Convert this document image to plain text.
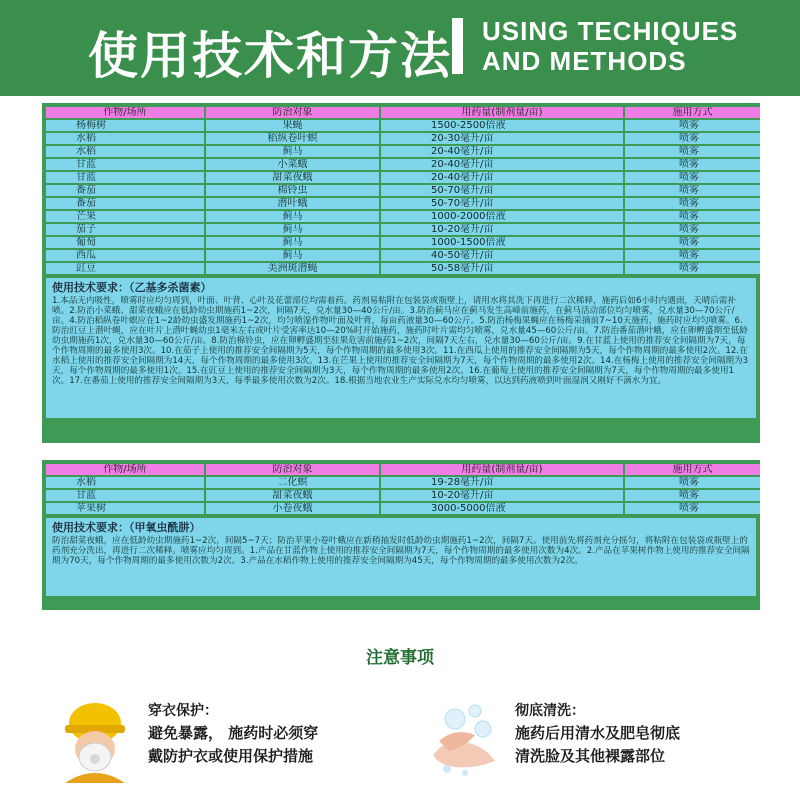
使用技术和方法 USING TECHIQUES
AND METHODS
作物/场所	防治对象	用药量(制剂量/亩)	施用方式
杨梅树	果蝇	1500-2500倍液	喷雾
水稻	稻纵卷叶螟	20-30毫升/亩	喷雾
水稻	蓟马	20-40毫升/亩	喷雾
甘蓝	小菜蛾	20-40毫升/亩	喷雾
甘蓝	甜菜夜蛾	20-40毫升/亩	喷雾
番茄	棉铃虫	50-70毫升/亩	喷雾
番茄	潜叶蛾	50-70毫升/亩	喷雾
芒果	蓟马	1000-2000倍液	喷雾
茄子	蓟马	10-20毫升/亩	喷雾
葡萄	蓟马	1000-1500倍液	喷雾
西瓜	蓟马	40-50毫升/亩	喷雾
豇豆	美洲斑潜蝇	50-58毫升/亩	喷雾
使用技术要求：（乙基多杀菌素）
1.本品无内吸性，喷雾时应均匀周到，叶面、叶背、心叶及花蕾部位均需着药。药剂易粘附在包装袋或瓶壁上，请用水将其洗下再进行二次稀释，施药后如6小时内遇雨，天晴后需补喷。2.防治小菜蛾、甜菜夜蛾应在低龄幼虫期施药1~2次，间隔7天，兑水量30—40公斤/亩。3.防治蓟马应在蓟马发生高峰前施药，在蓟马活动部位均匀喷雾，兑水量30—70公斤/亩。4.防治稻纵卷叶螟应在1~2龄幼虫盛发期施药1~2次，均匀喷湿作物叶面及叶背，每亩药液量30—60公斤。5.防治杨梅果蝇应在杨梅采摘前7~10天施药，施药时应均匀喷雾。6.防治豇豆上潜叶蝇，应在叶片上潜叶蝇幼虫1毫米左右或叶片受害率达10—20%时开始施药，施药时叶片需均匀喷雾，兑水量45—60公斤/亩。7.防治番茄潜叶蛾，应在卵孵盛期至低龄幼虫期施药1次，兑水量30—60公斤/亩。8.防治棉铃虫，应在卵孵盛期至驻果危害前施药1~2次，间隔7天左右，兑水量30—60公斤/亩。9.在甘蓝上使用的推荐安全间隔期为7天，每个作物周期的最多使用3次。10.在茄子上使用的推荐安全间隔期为5天，每个作物周期的最多使用3次。11.在西瓜上使用的推荐安全间隔期为5天，每个作物周期的最多使用2次。12.在水稻上使用的推荐安全间隔期为14天，每个作物周期的最多使用3次。13.在芒果上使用的推荐安全间隔期为7天，每个作物周期的最多使用2次。14.在杨梅上使用的推荐安全间隔期为3天，每个作物周期的最多使用1次。15.在豇豆上使用的推荐安全间隔期为3天，每个作物周期的最多使用2次。16.在葡萄上使用的推荐安全间隔期为7天，每个作物周期的最多使用1次。17.在番茄上使用的推荐安全间隔期为3天，每季最多使用次数为2次。18.根据当地农业生产实际兑水均匀喷雾，以达到药液喷到叶面湿润又刚好不滴水为宜。
作物/场所	防治对象	用药量(制剂量/亩)	施用方式
水稻	二化螟	19-28毫升/亩	喷雾
甘蓝	甜菜夜蛾	10-20毫升/亩	喷雾
苹果树	小卷夜蛾	3000-5000倍液	喷雾
使用技术要求：（甲氧虫酰肼）
防治甜菜夜蛾，应在低龄幼虫期施药1~2次，间隔5~7天；防治苹果小卷叶蛾应在新稍抽发时低龄幼虫期施药1~2次，间隔7天。使用前先将药剂充分摇匀，将粘附在包装袋或瓶壁上的药剂充分洗出，再进行二次稀释。喷雾应均匀周到。1.产品在甘蓝作物上使用的推荐安全间隔期为7天，每个作物周期的最多使用次数为4次。2.产品在苹果树作物上使用的推荐安全间隔期为70天，每个作物周期的最多使用次数为2次。3.产品在水稻作物上使用的推荐安全间隔期为45天，每个作物周期的最多使用次数为2次。
注意事项
穿衣保护：
避免暴露， 施药时必须穿
戴防护衣或使用保护措施
彻底清洗：
施药后用清水及肥皂彻底
清洗脸及其他裸露部位
